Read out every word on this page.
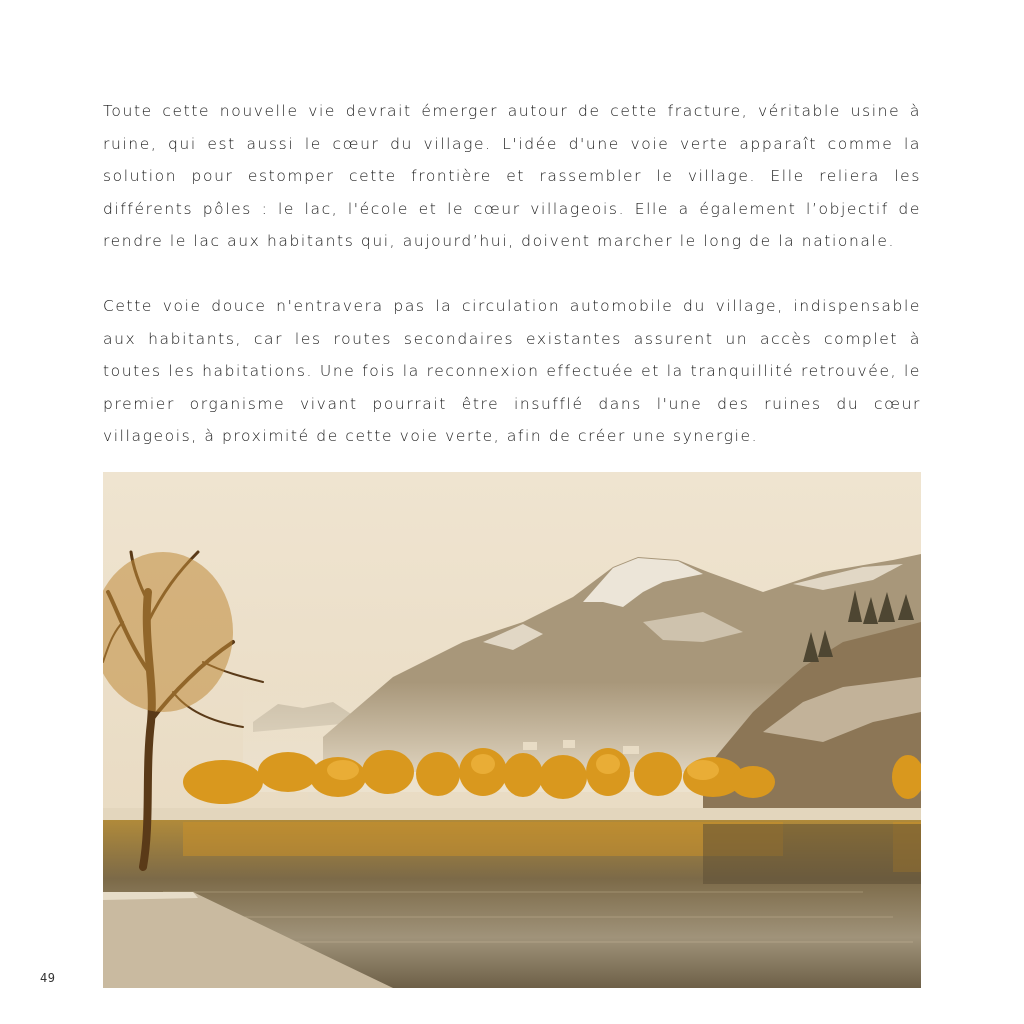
Toute cette nouvelle vie devrait émerger autour de cette fracture, véritable usine à ruine, qui est aussi le cœur du village. L'idée d'une voie verte apparaît comme la solution pour estomper cette frontière et rassembler le village. Elle reliera les différents pôles : le lac, l'école et le cœur villageois. Elle a également l’objectif de rendre le lac aux habitants qui, aujourd’hui, doivent marcher le long de la nationale.

Cette voie douce n'entravera pas la circulation automobile du village, indispensable aux habitants, car les routes secondaires existantes assurent un accès complet à toutes les habitations. Une fois la reconnexion effectuée et la tranquillité retrouvée, le premier organisme vivant pourrait être insufflé dans l'une des ruines du cœur villageois, à proximité de cette voie verte, afin de créer une synergie.

49
